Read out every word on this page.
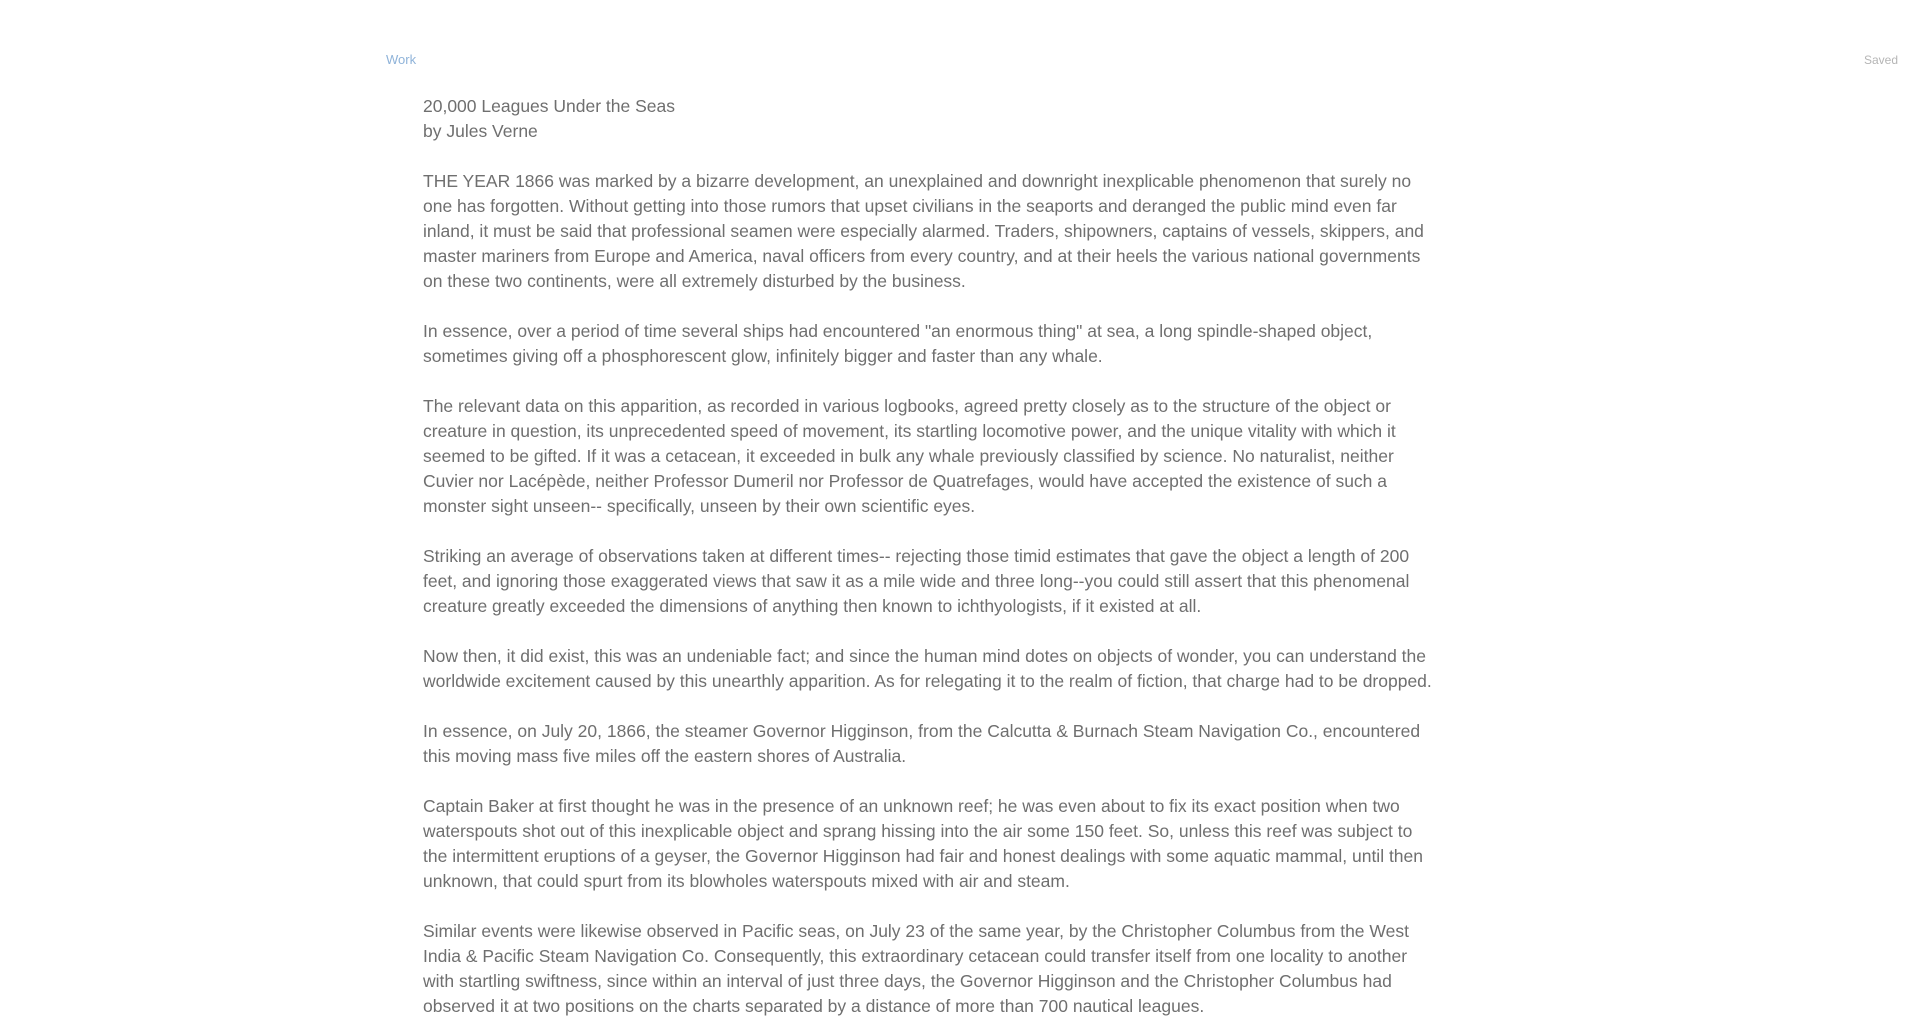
Work	Saved

20,000 Leagues Under the Seas

by Jules Verne

THE YEAR 1866 was marked by a bizarre development, an unexplained and downright inexplicable phenomenon that surely no one has forgotten. Without getting into those rumors that upset civilians in the seaports and deranged the public mind even far inland, it must be said that professional seamen were especially alarmed. Traders, shipowners, captains of vessels, skippers, and master mariners from Europe and America, naval officers from every country, and at their heels the various national governments on these two continents, were all extremely disturbed by the business.

In essence, over a period of time several ships had encountered "an enormous thing" at sea, a long spindle-shaped object, sometimes giving off a phosphorescent glow, infinitely bigger and faster than any whale.

The relevant data on this apparition, as recorded in various logbooks, agreed pretty closely as to the structure of the object or creature in question, its unprecedented speed of movement, its startling locomotive power, and the unique vitality with which it seemed to be gifted. If it was a cetacean, it exceeded in bulk any whale previously classified by science. No naturalist, neither Cuvier nor Lacépède, neither Professor Dumeril nor Professor de Quatrefages, would have accepted the existence of such a monster sight unseen-- specifically, unseen by their own scientific eyes.

Striking an average of observations taken at different times-- rejecting those timid estimates that gave the object a length of 200 feet, and ignoring those exaggerated views that saw it as a mile wide and three long--you could still assert that this phenomenal creature greatly exceeded the dimensions of anything then known to ichthyologists, if it existed at all.

Now then, it did exist, this was an undeniable fact; and since the human mind dotes on objects of wonder, you can understand the worldwide excitement caused by this unearthly apparition. As for relegating it to the realm of fiction, that charge had to be dropped.

In essence, on July 20, 1866, the steamer Governor Higginson, from the Calcutta & Burnach Steam Navigation Co., encountered this moving mass five miles off the eastern shores of Australia.

Captain Baker at first thought he was in the presence of an unknown reef; he was even about to fix its exact position when two waterspouts shot out of this inexplicable object and sprang hissing into the air some 150 feet. So, unless this reef was subject to the intermittent eruptions of a geyser, the Governor Higginson had fair and honest dealings with some aquatic mammal, until then unknown, that could spurt from its blowholes waterspouts mixed with air and steam.

Similar events were likewise observed in Pacific seas, on July 23 of the same year, by the Christopher Columbus from the West India & Pacific Steam Navigation Co. Consequently, this extraordinary cetacean could transfer itself from one locality to another with startling swiftness, since within an interval of just three days, the Governor Higginson and the Christopher Columbus had observed it at two positions on the charts separated by a distance of more than 700 nautical leagues.
